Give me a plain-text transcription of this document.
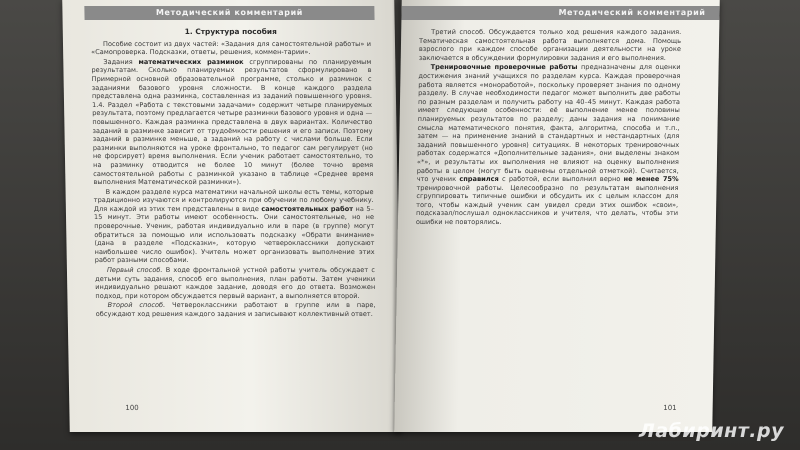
Методический комментарий
1. Структура пособия

Пособие состоит из двух частей: «Задания для самостоятельной работы» и «Самопроверка. Подсказки, ответы, решения, коммен-тарии».

Задания математических разминок сгруппированы по планируемым результатам. Сколько планируемых результатов сформулировано в Примерной основной образовательной программе, столько и разминок с заданиями базового уровня сложности. В конце каждого раздела представлена одна разминка, составленная из заданий повышенного уровня. 1.4. Раздел «Работа с текстовыми задачами» содержит четыре планируемых результата, поэтому предлагается четыре разминки базового уровня и одна — повышенного. Каждая разминка представлена в двух вариантах. Количество заданий в разминке зависит от трудоёмкости решения и его записи. Поэтому заданий в разминке меньше, а заданий на работу с числами больше. Если разминки выполняются на уроке фронтально, то педагог сам регулирует (но не форсирует) время выполнения. Если ученик работает самостоятельно, то на разминку отводится не более 10 минут (более точно время самостоятельной работы с разминкой указано в таблице «Среднее время выполнения Математической разминки»).

В каждом разделе курса математики начальной школы есть темы, которые традиционно изучаются и контролируются при обучении по любому учебнику. Для каждой из этих тем представлены в виде самостоятельных работ на 5–15 минут. Эти работы имеют особенность. Они самостоятельные, но не проверочные. Ученик, работая индивидуально или в паре (в группе) могут обратиться за помощью или использовать подсказку «Обрати внимание» (дана в разделе «Подсказки», которую четвероклассники допускают наибольшее число ошибок). Учитель может организовать выполнение этих работ разными способами.

Первый способ. В ходе фронтальной устной работы учитель обсуждает с детьми суть задания, способ его выполнения, план работы. Затем ученики индивидуально решают каждое задание, доводя его до ответа. Возможен подход, при котором обсуждается первый вариант, а выполняется второй.

Второй способ. Четвероклассники работают в группе или в паре, обсуждают ход решения каждого задания и записывают коллективный ответ.

100
Методический комментарий

Третий способ. Обсуждается только ход решения каждого задания. Тематическая самостоятельная работа выполняется дома. Помощь взрослого при каждом способе организации деятельности на уроке заключается в обсуждении формулировки задания и его выполнения.

Тренировочные проверочные работы предназначены для оценки достижения знаний учащихся по разделам курса. Каждая проверочная работа является «моноработой», поскольку проверяет знания по одному разделу. В случае необходимости педагог может выполнить две работы по разным разделам и получить работу на 40–45 минут. Каждая работа имеет следующие особенности: её выполнение менее половины планируемых результатов по разделу; даны задания на понимание смысла математического понятия, факта, алгоритма, способа и т.п., затем — на применение знаний в стандартных и нестандартных (для заданий повышенного уровня) ситуациях. В некоторых тренировочных работах содержатся «Дополнительные задания», они выделены знаком «*», и результаты их выполнения не влияют на оценку выполнения работы в целом (могут быть оценены отдельной отметкой). Считается, что ученик справился с работой, если выполнил верно не менее 75% тренировочной работы. Целесообразно по результатам выполнения сгруппировать типичные ошибки и обсудить их с целым классом для того, чтобы каждый ученик сам увидел среди этих ошибок «свои», подсказал/послушал одноклассников и учителя, что делать, чтобы эти ошибки не повторялись.

101
Лабиринт.ру
